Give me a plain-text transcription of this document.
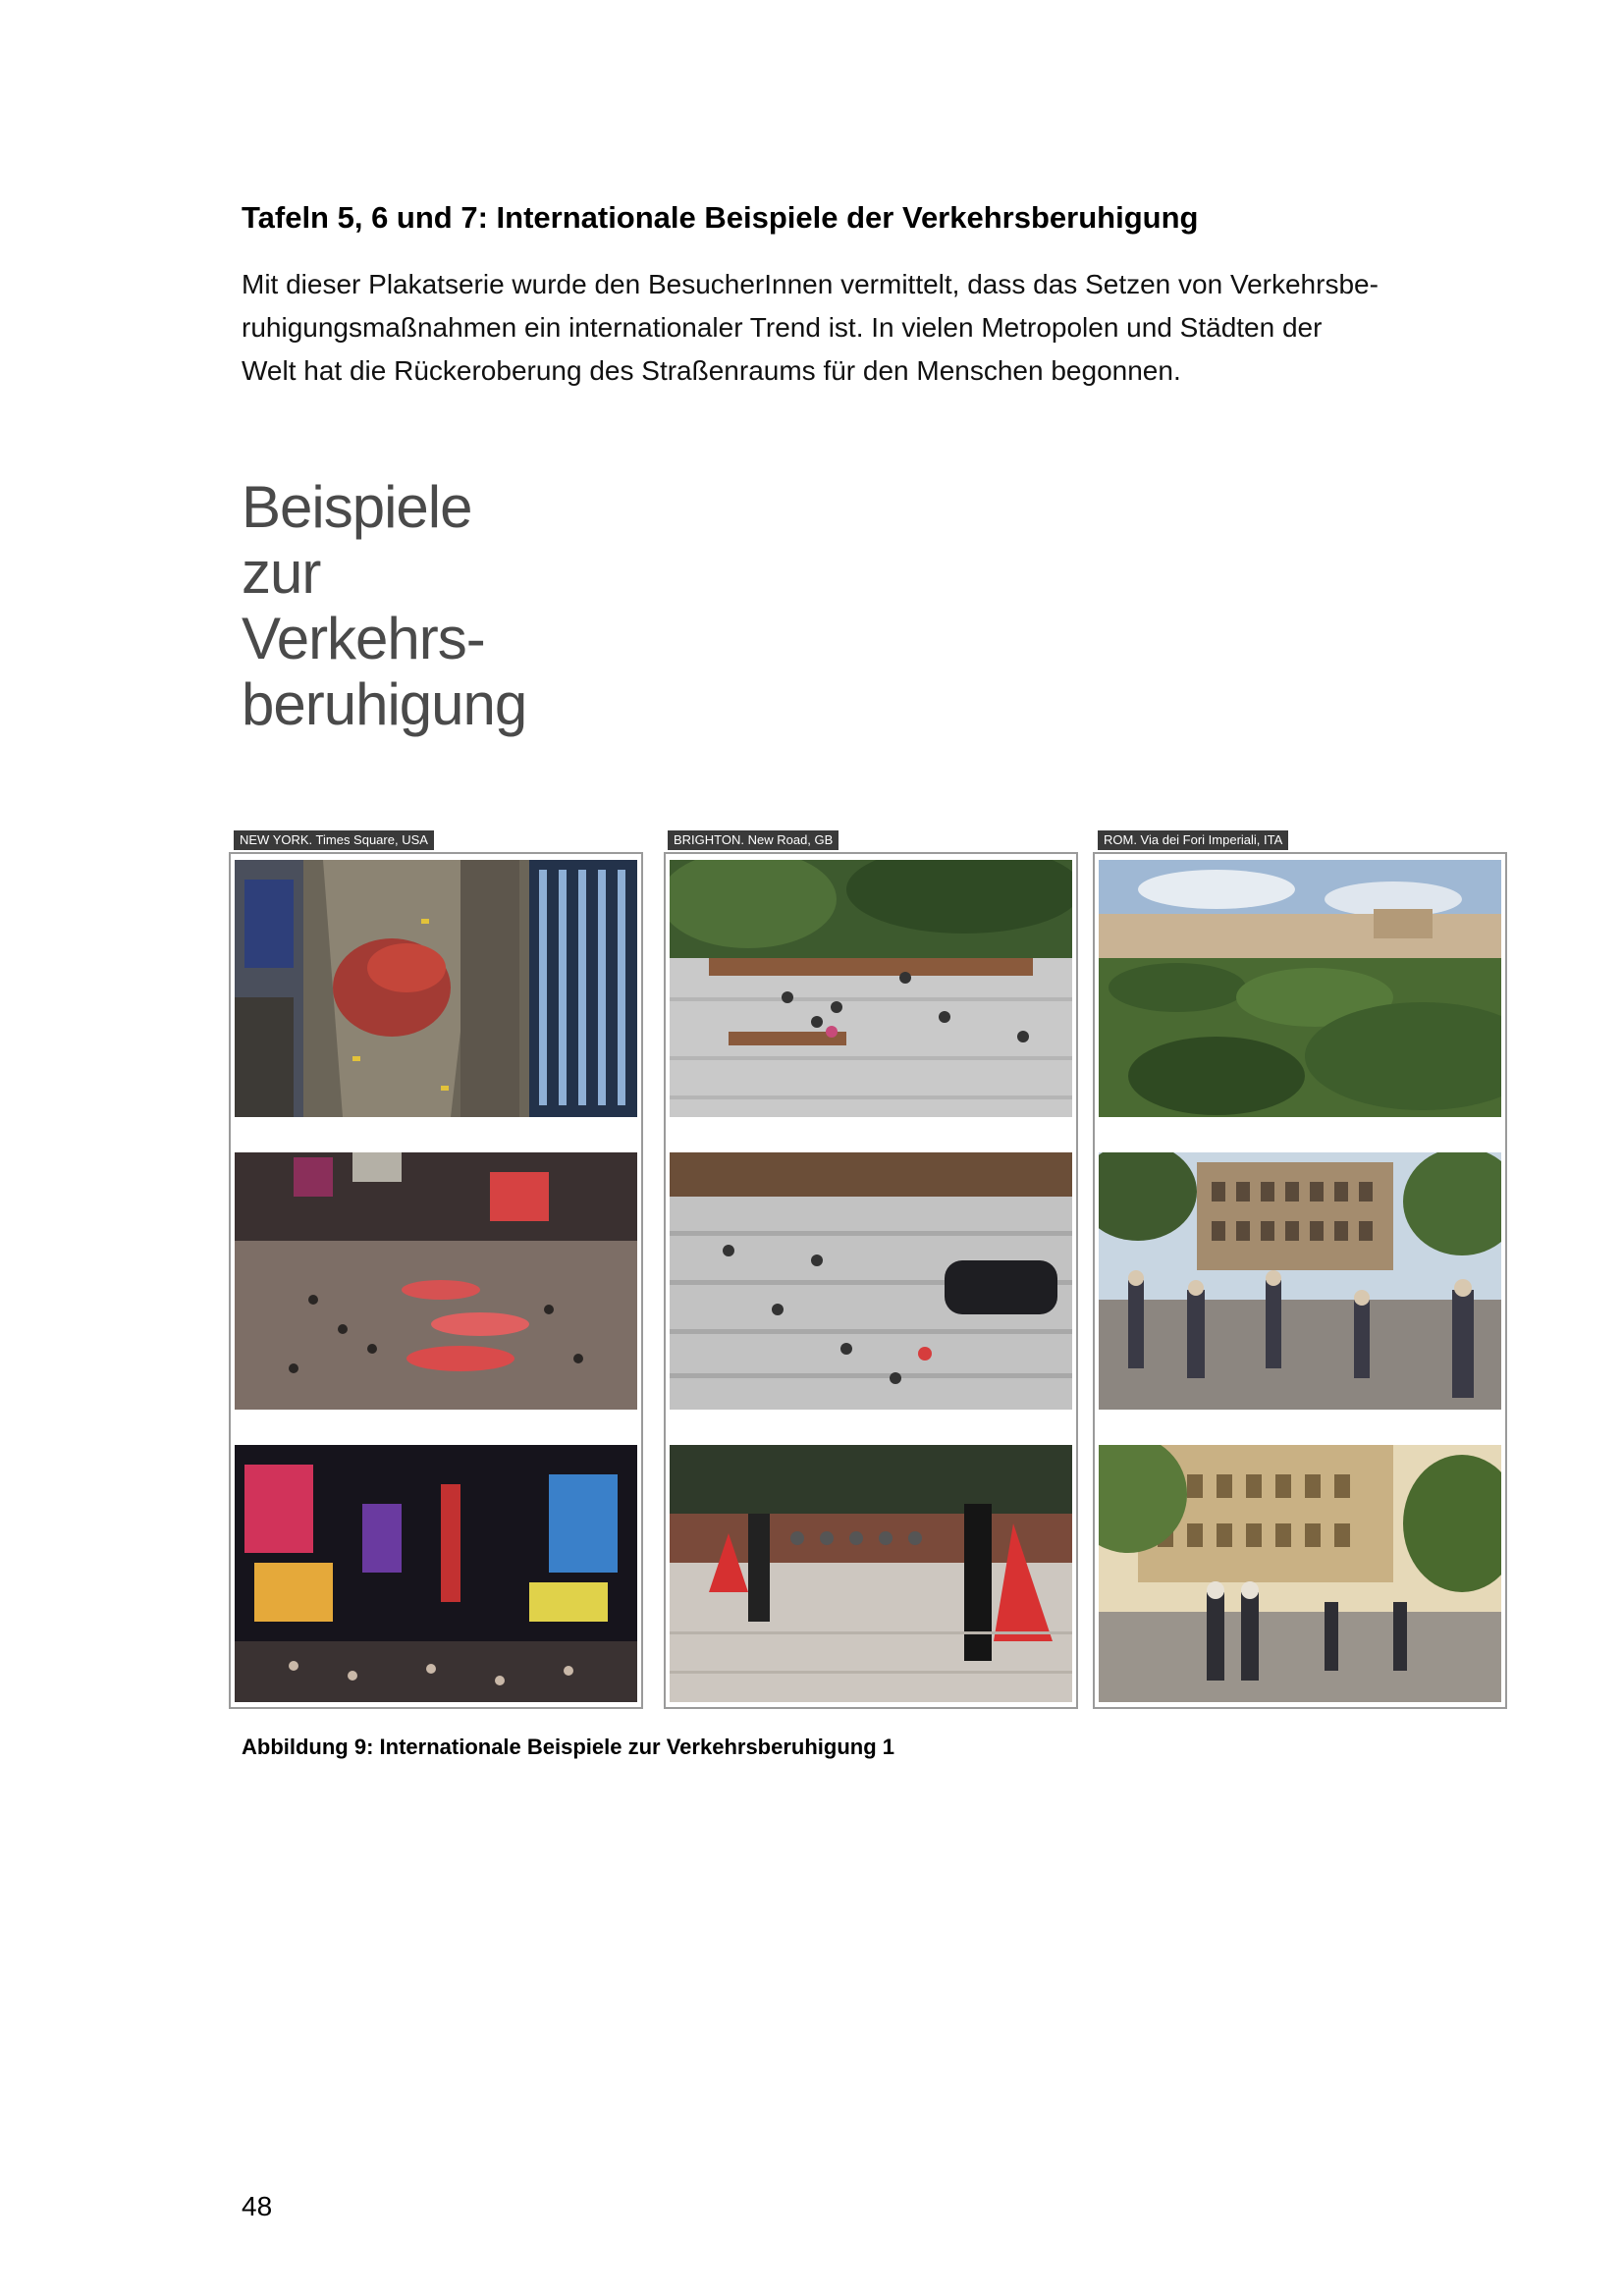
Tafeln 5, 6 und 7: Internationale Beispiele der Verkehrsberuhigung

Mit dieser Plakatserie wurde den BesucherInnen vermittelt, dass das Setzen von Verkehrsbe-

ruhigungsmaßnahmen ein internationaler Trend ist. In vielen Metropolen und Städten der

Welt hat die Rückeroberung des Straßenraums für den Menschen begonnen.

Beispiele
zur
Verkehrs-
beruhigung
NEW YORK. Times Square, USA	BRIGHTON. New Road, GB	ROM. Via dei Fori Imperiali, ITA

Abbildung 9: Internationale Beispiele zur Verkehrsberuhigung 1

48
